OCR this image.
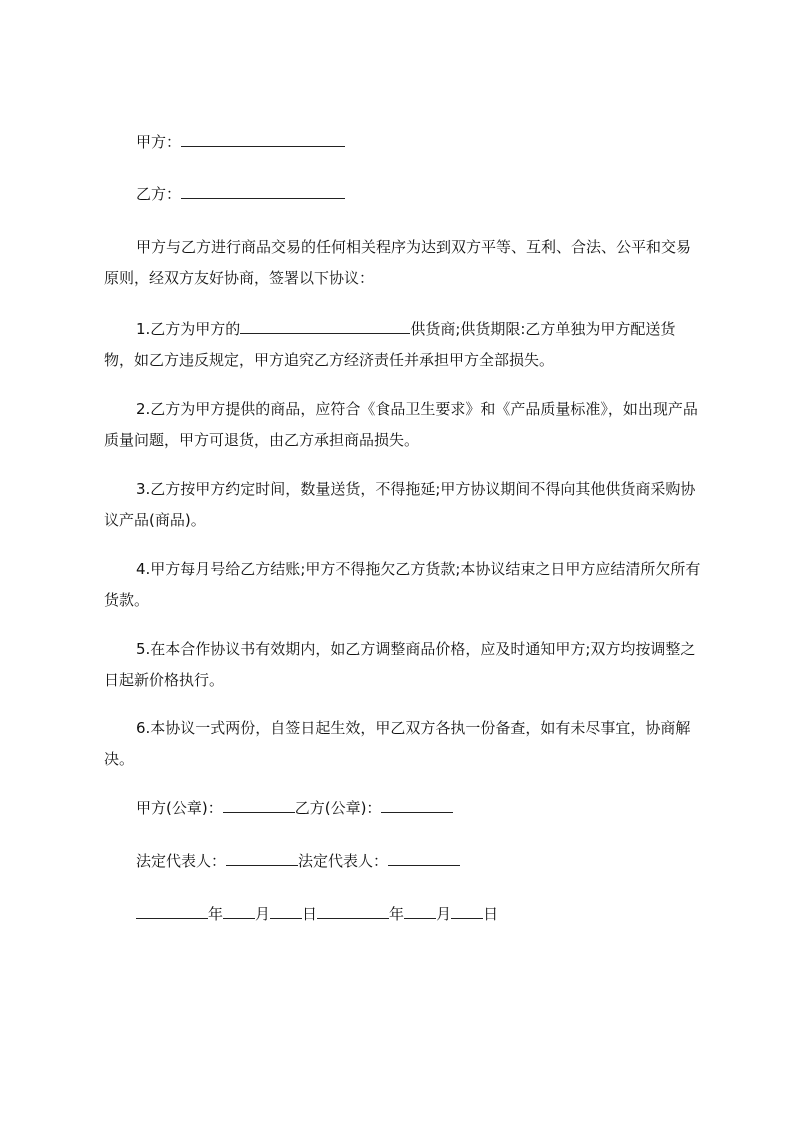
甲方：
乙方：

甲方与乙方进行商品交易的任何相关程序为达到双方平等、互利、合法、公平和交易原则，经双方友好协商，签署以下协议：

1.乙方为甲方的	供货商;供货期限:乙方单独为甲方配送货物，如乙方违反规定，甲方追究乙方经济责任并承担甲方全部损失。

2.乙方为甲方提供的商品，应符合《食品卫生要求》和《产品质量标准》，如出现产品质量问题，甲方可退货，由乙方承担商品损失。

3.乙方按甲方约定时间，数量送货，不得拖延;甲方协议期间不得向其他供货商采购协议产品(商品)。

4.甲方每月号给乙方结账;甲方不得拖欠乙方货款;本协议结束之日甲方应结清所欠所有货款。

5.在本合作协议书有效期内，如乙方调整商品价格，应及时通知甲方;双方均按调整之日起新价格执行。

6.本协议一式两份，自签日起生效，甲乙双方各执一份备查，如有未尽事宜，协商解决。

甲方(公章)：	乙方(公章)：
法定代表人：	法定代表人：
年 月 日	年 月 日
